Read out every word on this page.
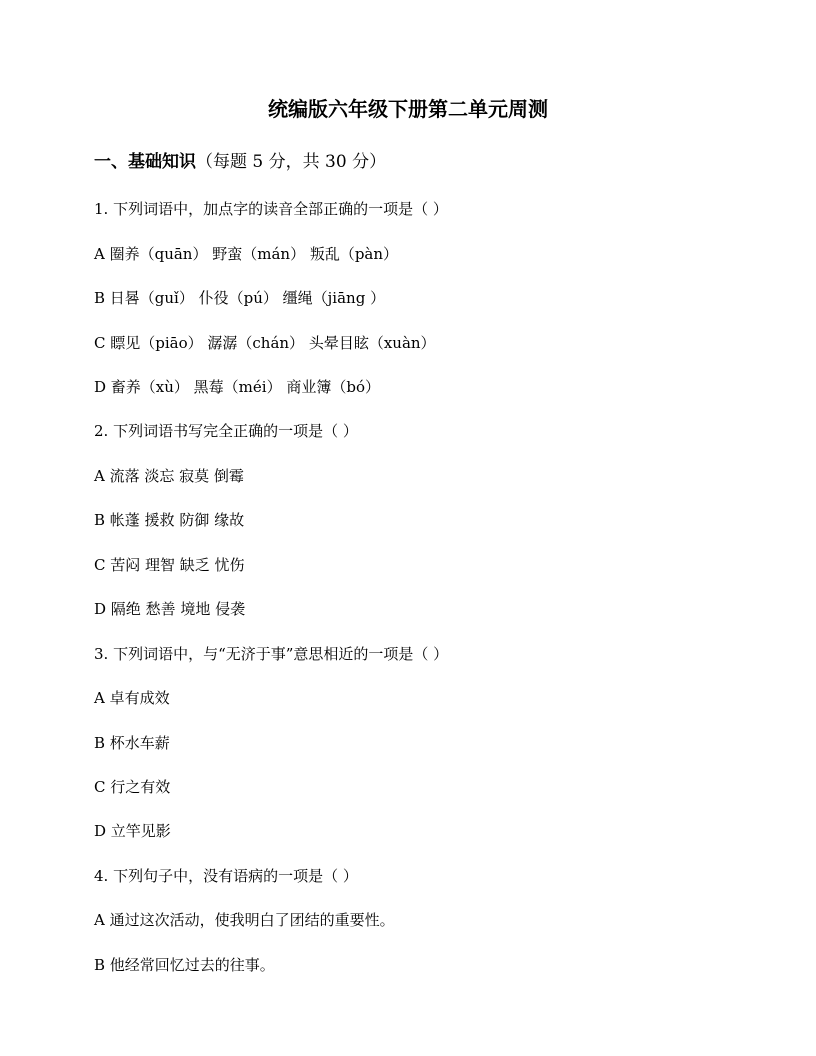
统编版六年级下册第二单元周测
一、基础知识（每题 5 分，共 30 分）
1. 下列词语中，加点字的读音全部正确的一项是（ ）
A 圈养（quān） 野蛮（mán） 叛乱（pàn）
B 日晷（guǐ） 仆役（pú） 缰绳（jiāng ）
C 瞟见（piāo） 潺潺（chán） 头晕目眩（xuàn）
D 畜养（xù） 黑莓（méi） 商业簿（bó）
2. 下列词语书写完全正确的一项是（ ）
A 流落 淡忘 寂莫 倒霉
B 帐蓬 援救 防御 缘故
C 苦闷 理智 缺乏 忧伤
D 隔绝 愁善 境地 侵袭
3. 下列词语中，与“无济于事”意思相近的一项是（ ）
A 卓有成效
B 杯水车薪
C 行之有效
D 立竿见影
4. 下列句子中，没有语病的一项是（ ）
A 通过这次活动，使我明白了团结的重要性。
B 他经常回忆过去的往事。
